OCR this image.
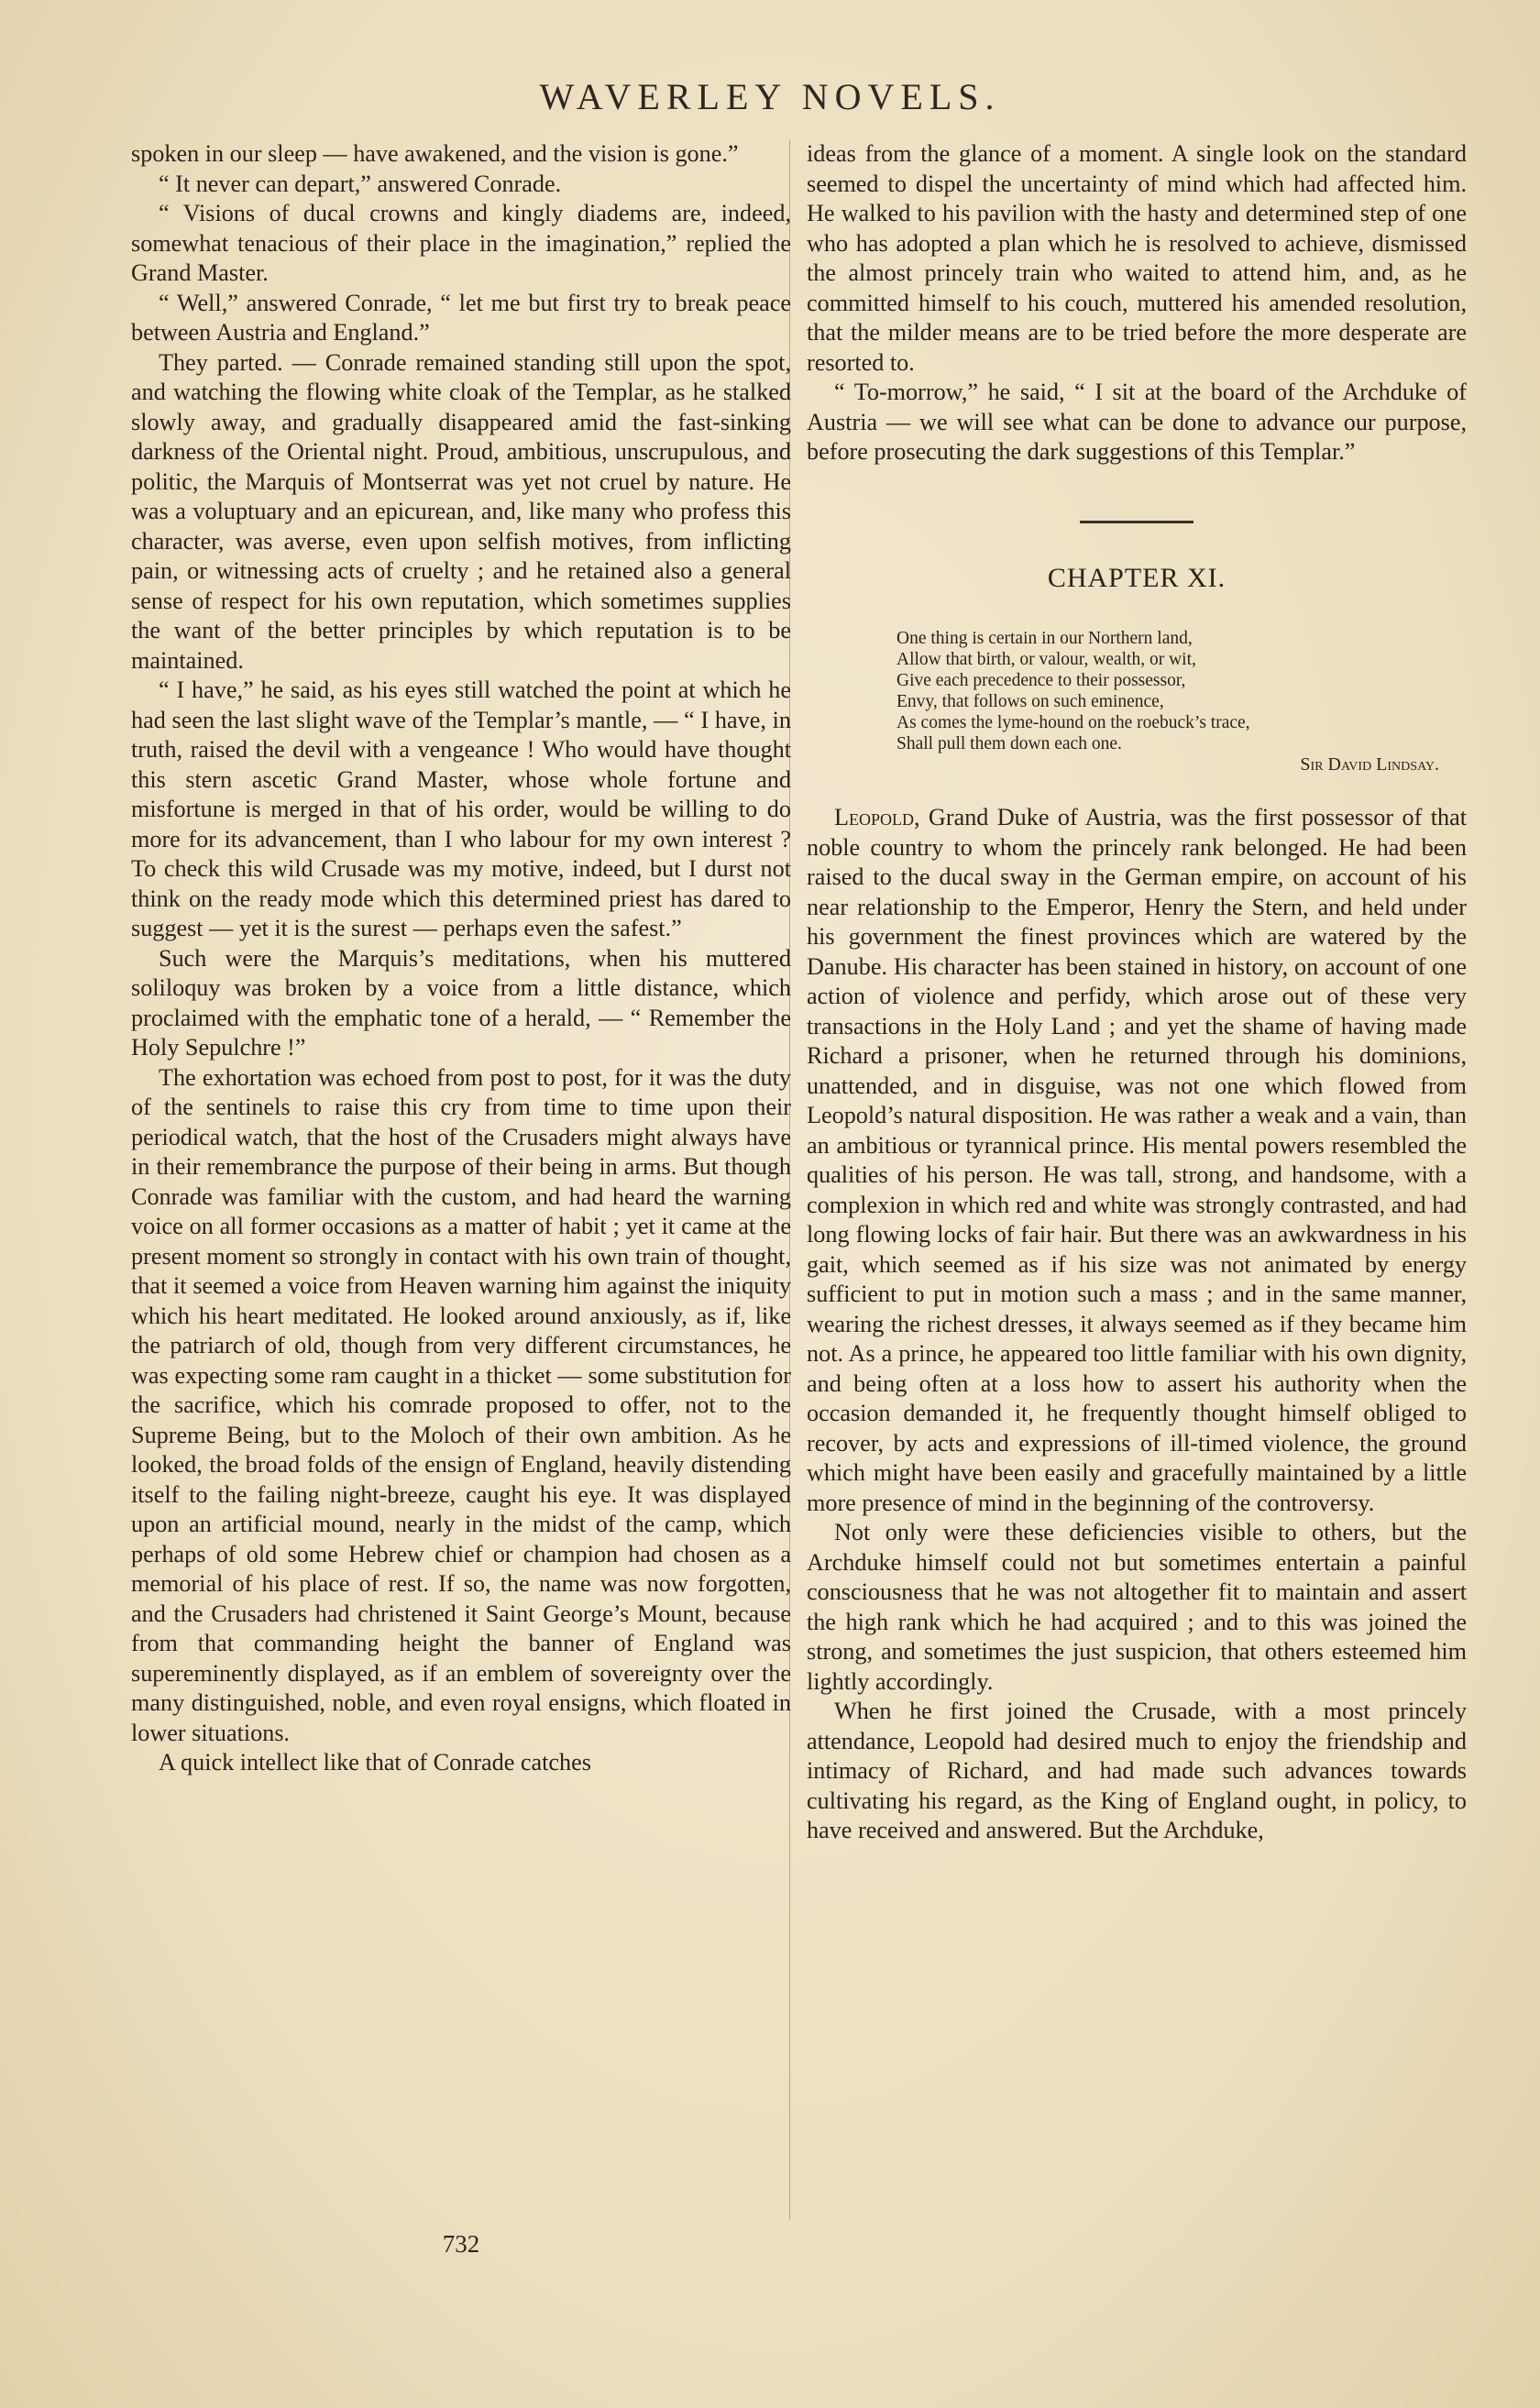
WAVERLEY NOVELS.

spoken in our sleep — have awakened, and the vision is gone.”

“ It never can depart,” answered Conrade.

“ Visions of ducal crowns and kingly diadems are, indeed, somewhat tenacious of their place in the imagination,” replied the Grand Master.

“ Well,” answered Conrade, “ let me but first try to break peace between Austria and England.”

They parted. — Conrade remained standing still upon the spot, and watching the flowing white cloak of the Templar, as he stalked slowly away, and gradually disappeared amid the fast-sinking darkness of the Oriental night. Proud, ambitious, unscrupulous, and politic, the Marquis of Montserrat was yet not cruel by nature. He was a voluptuary and an epicurean, and, like many who profess this character, was averse, even upon selfish motives, from inflicting pain, or witnessing acts of cruelty ; and he retained also a general sense of respect for his own reputation, which sometimes supplies the want of the better principles by which reputation is to be maintained.

“ I have,” he said, as his eyes still watched the point at which he had seen the last slight wave of the Templar’s mantle, — “ I have, in truth, raised the devil with a vengeance ! Who would have thought this stern ascetic Grand Master, whose whole fortune and misfortune is merged in that of his order, would be willing to do more for its advancement, than I who labour for my own interest ? To check this wild Crusade was my motive, indeed, but I durst not think on the ready mode which this determined priest has dared to suggest — yet it is the surest — perhaps even the safest.”

Such were the Marquis’s meditations, when his muttered soliloquy was broken by a voice from a little distance, which proclaimed with the emphatic tone of a herald, — “ Remember the Holy Sepulchre !”

The exhortation was echoed from post to post, for it was the duty of the sentinels to raise this cry from time to time upon their periodical watch, that the host of the Crusaders might always have in their remembrance the purpose of their being in arms. But though Conrade was familiar with the custom, and had heard the warning voice on all former occasions as a matter of habit ; yet it came at the present moment so strongly in contact with his own train of thought, that it seemed a voice from Heaven warning him against the iniquity which his heart meditated. He looked around anxiously, as if, like the patriarch of old, though from very different circumstances, he was expecting some ram caught in a thicket — some substitution for the sacrifice, which his comrade proposed to offer, not to the Supreme Being, but to the Moloch of their own ambition. As he looked, the broad folds of the ensign of England, heavily distending itself to the failing night-breeze, caught his eye. It was displayed upon an artificial mound, nearly in the midst of the camp, which perhaps of old some Hebrew chief or champion had chosen as a memorial of his place of rest. If so, the name was now forgotten, and the Crusaders had christened it Saint George’s Mount, because from that commanding height the banner of England was supereminently displayed, as if an emblem of sovereignty over the many distinguished, noble, and even royal ensigns, which floated in lower situations.

A quick intellect like that of Conrade catches

ideas from the glance of a moment. A single look on the standard seemed to dispel the uncertainty of mind which had affected him. He walked to his pavilion with the hasty and determined step of one who has adopted a plan which he is resolved to achieve, dismissed the almost princely train who waited to attend him, and, as he committed himself to his couch, muttered his amended resolution, that the milder means are to be tried before the more desperate are resorted to.

“ To-morrow,” he said, “ I sit at the board of the Archduke of Austria — we will see what can be done to advance our purpose, before prosecuting the dark suggestions of this Templar.”

CHAPTER XI.
One thing is certain in our Northern land,
Allow that birth, or valour, wealth, or wit,
Give each precedence to their possessor,
Envy, that follows on such eminence,
As comes the lyme-hound on the roebuck’s trace,
Shall pull them down each one.
Sir David Lindsay.

Leopold, Grand Duke of Austria, was the first possessor of that noble country to whom the princely rank belonged. He had been raised to the ducal sway in the German empire, on account of his near relationship to the Emperor, Henry the Stern, and held under his government the finest provinces which are watered by the Danube. His character has been stained in history, on account of one action of violence and perfidy, which arose out of these very transactions in the Holy Land ; and yet the shame of having made Richard a prisoner, when he returned through his dominions, unattended, and in disguise, was not one which flowed from Leopold’s natural disposition. He was rather a weak and a vain, than an ambitious or tyrannical prince. His mental powers resembled the qualities of his person. He was tall, strong, and handsome, with a complexion in which red and white was strongly contrasted, and had long flowing locks of fair hair. But there was an awkwardness in his gait, which seemed as if his size was not animated by energy sufficient to put in motion such a mass ; and in the same manner, wearing the richest dresses, it always seemed as if they became him not. As a prince, he appeared too little familiar with his own dignity, and being often at a loss how to assert his authority when the occasion demanded it, he frequently thought himself obliged to recover, by acts and expressions of ill-timed violence, the ground which might have been easily and gracefully maintained by a little more presence of mind in the beginning of the controversy.

Not only were these deficiencies visible to others, but the Archduke himself could not but sometimes entertain a painful consciousness that he was not altogether fit to maintain and assert the high rank which he had acquired ; and to this was joined the strong, and sometimes the just suspicion, that others esteemed him lightly accordingly.

When he first joined the Crusade, with a most princely attendance, Leopold had desired much to enjoy the friendship and intimacy of Richard, and had made such advances towards cultivating his regard, as the King of England ought, in policy, to have received and answered. But the Archduke,

732
